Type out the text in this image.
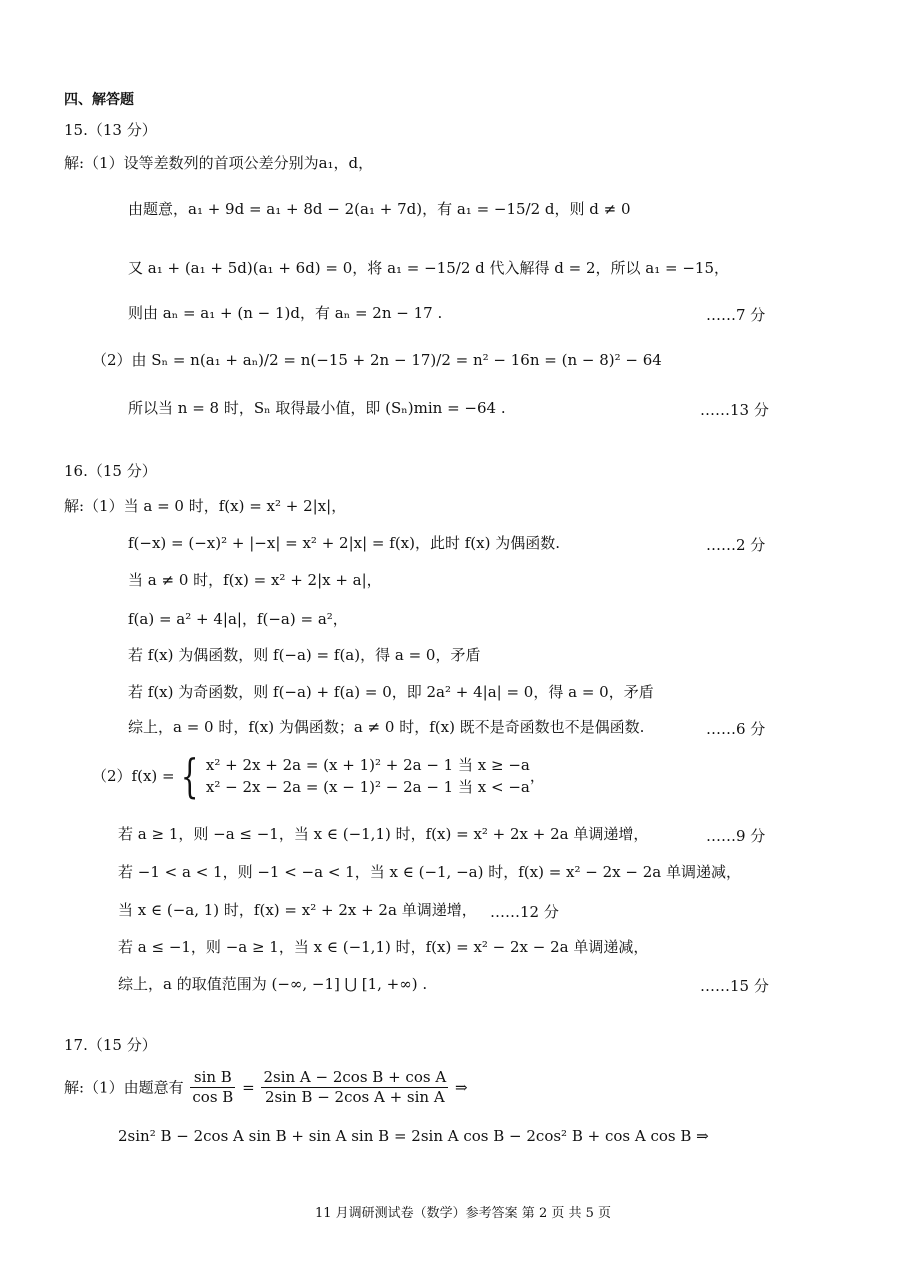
四、解答题
15.（13 分）
解:（1）设等差数列的首项公差分别为a₁，d，
由题意，a₁ + 9d = a₁ + 8d − 2(a₁ + 7d)，有 a₁ = −15/2 d，则 d ≠ 0
又 a₁ + (a₁ + 5d)(a₁ + 6d) = 0，将 a₁ = −15/2 d 代入解得 d = 2，所以 a₁ = −15，
则由 aₙ = a₁ + (n − 1)d，有 aₙ = 2n − 17 .	……7 分
（2）由 Sₙ = n(a₁ + aₙ)/2 = n(−15 + 2n − 17)/2 = n² − 16n = (n − 8)² − 64
所以当 n = 8 时，Sₙ 取得最小值，即 (Sₙ)min = −64 .	……13 分
16.（15 分）
解:（1）当 a = 0 时，f(x) = x² + 2|x|，
f(−x) = (−x)² + |−x| = x² + 2|x| = f(x)，此时 f(x) 为偶函数.	……2 分
当 a ≠ 0 时，f(x) = x² + 2|x + a|，
f(a) = a² + 4|a|，f(−a) = a²，
若 f(x) 为偶函数，则 f(−a) = f(a)，得 a = 0，矛盾
若 f(x) 为奇函数，则 f(−a) + f(a) = 0，即 2a² + 4|a| = 0，得 a = 0，矛盾
综上，a = 0 时，f(x) 为偶函数；a ≠ 0 时，f(x) 既不是奇函数也不是偶函数.	……6 分
（2）f(x) = { x² + 2x + 2a = (x + 1)² + 2a − 1 当 x ≥ −a
x² − 2x − 2a = (x − 1)² − 2a − 1 当 x < −a
，
若 a ≥ 1，则 −a ≤ −1，当 x ∈ (−1,1) 时，f(x) = x² + 2x + 2a 单调递增，	……9 分
若 −1 < a < 1，则 −1 < −a < 1，当 x ∈ (−1, −a) 时，f(x) = x² − 2x − 2a 单调递减，
当 x ∈ (−a, 1) 时，f(x) = x² + 2x + 2a 单调递增， ……12 分
若 a ≤ −1，则 −a ≥ 1，当 x ∈ (−1,1) 时，f(x) = x² − 2x − 2a 单调递减，
综上，a 的取值范围为 (−∞, −1] ⋃ [1, +∞) .	……15 分
17.（15 分）
解:（1）由题意有 $\frac{\text{sin B}}{\text{cos B}} = \frac{\text{2sin A − 2cos B + cos A}}{\text{2sin B − 2cos A + sin A}}$ ⇒
2sin² B − 2cos A sin B + sin A sin B = 2sin A cos B − 2cos² B + cos A cos B ⇒
11 月调研测试卷（数学）参考答案 第 2 页 共 5 页
